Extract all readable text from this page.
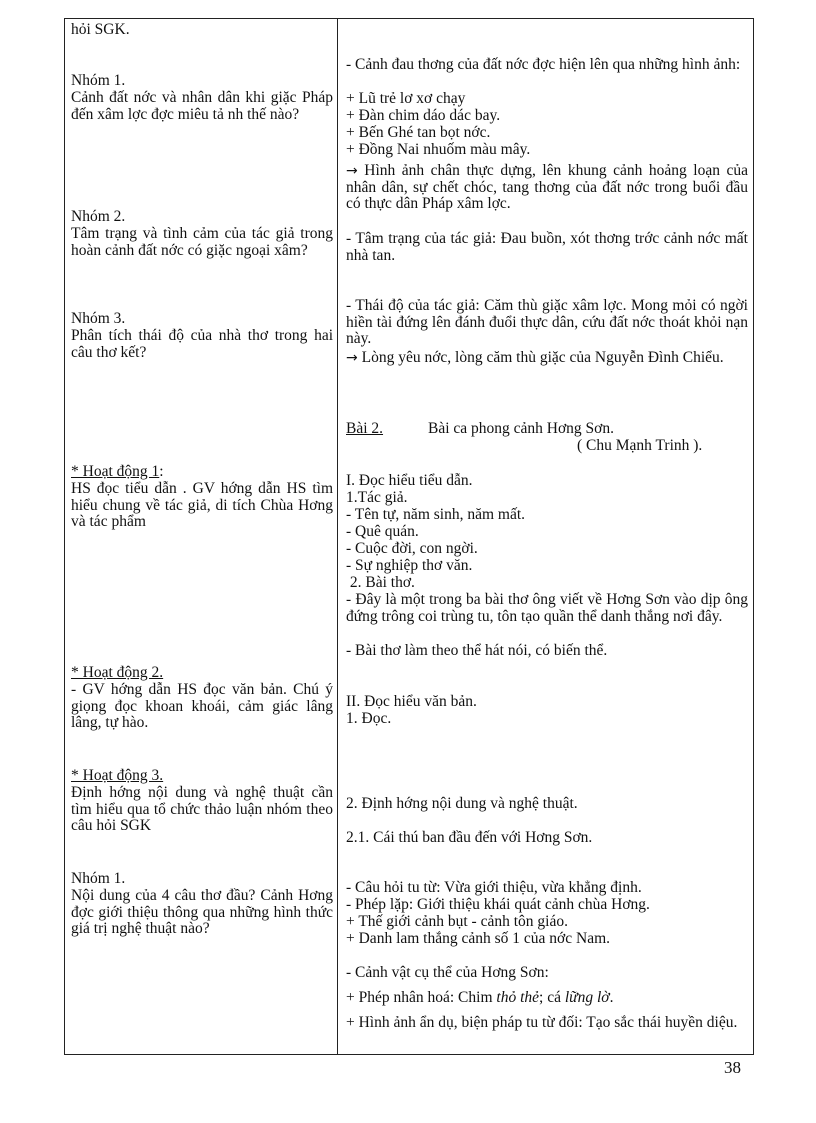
hỏi SGK.
Nhóm 1.
Cảnh đất nớc và nhân dân khi giặc Pháp đến xâm lợc đợc miêu tả nh thế nào?
Nhóm 2.
Tâm trạng và tình cảm của tác giả trong hoàn cảnh đất nớc có giặc ngoại xâm?
Nhóm 3.
Phân tích thái độ của nhà thơ trong hai câu thơ kết?
* Hoạt động 1:
HS đọc tiểu dẫn . GV hớng dẫn HS tìm hiểu chung về tác giả, di tích Chùa Hơng và tác phẩm
* Hoạt động 2.
- GV hớng dẫn HS đọc văn bản. Chú ý giọng đọc khoan khoái, cảm giác lâng lâng, tự hào.
* Hoạt động 3.
Định hớng nội dung và nghệ thuật cần tìm hiểu qua tổ chức thảo luận nhóm theo câu hỏi SGK
Nhóm 1.
Nội dung của 4 câu thơ đầu? Cảnh Hơng đợc giới thiệu thông qua những hình thức giá trị nghệ thuật nào?
- Cảnh đau thơng của đất nớc đợc hiện lên qua những hình ảnh:
+ Lũ trẻ lơ xơ chạy
+ Đàn chim dáo dác bay.
+ Bến Ghé tan bọt nớc.
+ Đồng Nai nhuốm màu mây.
→ Hình ảnh chân thực dựng, lên khung cảnh hoảng loạn của nhân dân, sự chết chóc, tang thơng của đất nớc trong buổi đầu có thực dân Pháp xâm lợc.
- Tâm trạng của tác giả: Đau buồn, xót thơng trớc cảnh nớc mất nhà tan.
- Thái độ của tác giả: Căm thù giặc xâm lợc. Mong mỏi có ngời hiền tài đứng lên đánh đuổi thực dân, cứu đất nớc thoát khỏi nạn này.
→ Lòng yêu nớc, lòng căm thù giặc của Nguyễn Đình Chiểu.
Bài 2.	Bài ca phong cảnh Hơng Sơn.
( Chu Mạnh Trinh ).
I. Đọc hiểu tiểu dẫn.
1.Tác giả.
- Tên tự, năm sinh, năm mất.
- Quê quán.
- Cuộc đời, con ngời.
- Sự nghiệp thơ văn.
2. Bài thơ.
- Đây là một trong ba bài thơ ông viết về Hơng Sơn vào dịp ông đứng trông coi trùng tu, tôn tạo quần thể danh thắng nơi đây.
- Bài thơ làm theo thể hát nói, có biến thể.
II. Đọc hiểu văn bản.
1. Đọc.
2. Định hớng nội dung và nghệ thuật.
2.1. Cái thú ban đầu đến với Hơng Sơn.
- Câu hỏi tu từ: Vừa giới thiệu, vừa khẳng định.
- Phép lặp: Giới thiệu khái quát cảnh chùa Hơng.
+ Thế giới cảnh bụt - cảnh tôn giáo.
+ Danh lam thắng cảnh số 1 của nớc Nam.
- Cảnh vật cụ thể của Hơng Sơn:
+ Phép nhân hoá: Chim thỏ thẻ; cá lững lờ.
+ Hình ảnh ẩn dụ, biện pháp tu từ đối: Tạo sắc thái huyền diệu.
38
